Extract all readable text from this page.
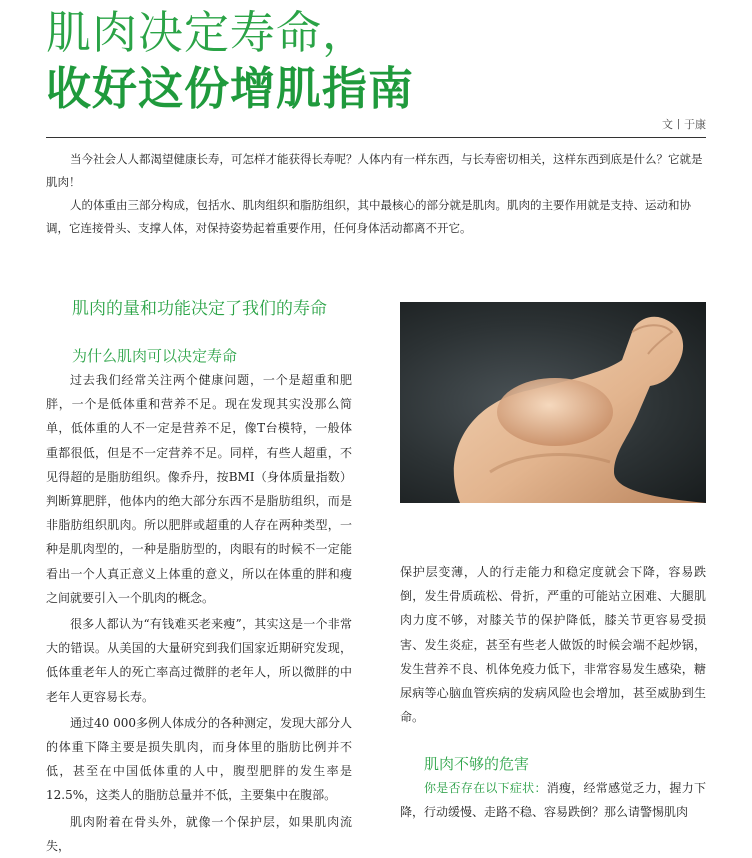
肌肉决定寿命，
收好这份增肌指南
文丨于康

当今社会人人都渴望健康长寿，可怎样才能获得长寿呢？人体内有一样东西，与长寿密切相关，这样东西到底是什么？它就是肌肉！

人的体重由三部分构成，包括水、肌肉组织和脂肪组织，其中最核心的部分就是肌肉。肌肉的主要作用就是支持、运动和协调，它连接骨头、支撑人体，对保持姿势起着重要作用，任何身体活动都离不开它。

肌肉的量和功能决定了我们的寿命
为什么肌肉可以决定寿命

过去我们经常关注两个健康问题，一个是超重和肥胖，一个是低体重和营养不足。现在发现其实没那么简单，低体重的人不一定是营养不足，像T台模特，一般体重都很低，但是不一定营养不足。同样，有些人超重，不见得超的是脂肪组织。像乔丹，按BMI（身体质量指数）判断算肥胖，他体内的绝大部分东西不是脂肪组织，而是非脂肪组织肌肉。所以肥胖或超重的人存在两种类型，一种是肌肉型的，一种是脂肪型的，肉眼有的时候不一定能看出一个人真正意义上体重的意义，所以在体重的胖和瘦之间就要引入一个肌肉的概念。

很多人都认为“有钱难买老来瘦”，其实这是一个非常大的错误。从美国的大量研究到我们国家近期研究发现，低体重老年人的死亡率高过微胖的老年人，所以微胖的中老年人更容易长寿。

通过40 000多例人体成分的各种测定，发现大部分人的体重下降主要是损失肌肉，而身体里的脂肪比例并不低，甚至在中国低体重的人中，腹型肥胖的发生率是12.5%，这类人的脂肪总量并不低，主要集中在腹部。

肌肉附着在骨头外，就像一个保护层，如果肌肉流失，

保护层变薄，人的行走能力和稳定度就会下降，容易跌倒，发生骨质疏松、骨折，严重的可能站立困难、大腿肌肉力度不够，对膝关节的保护降低，膝关节更容易受损害、发生炎症，甚至有些老人做饭的时候会端不起炒锅，发生营养不良、机体免疫力低下，非常容易发生感染，糖尿病等心脑血管疾病的发病风险也会增加，甚至威胁到生命。

肌肉不够的危害

你是否存在以下症状：消瘦，经常感觉乏力，握力下降，行动缓慢、走路不稳、容易跌倒？那么请警惕肌肉
